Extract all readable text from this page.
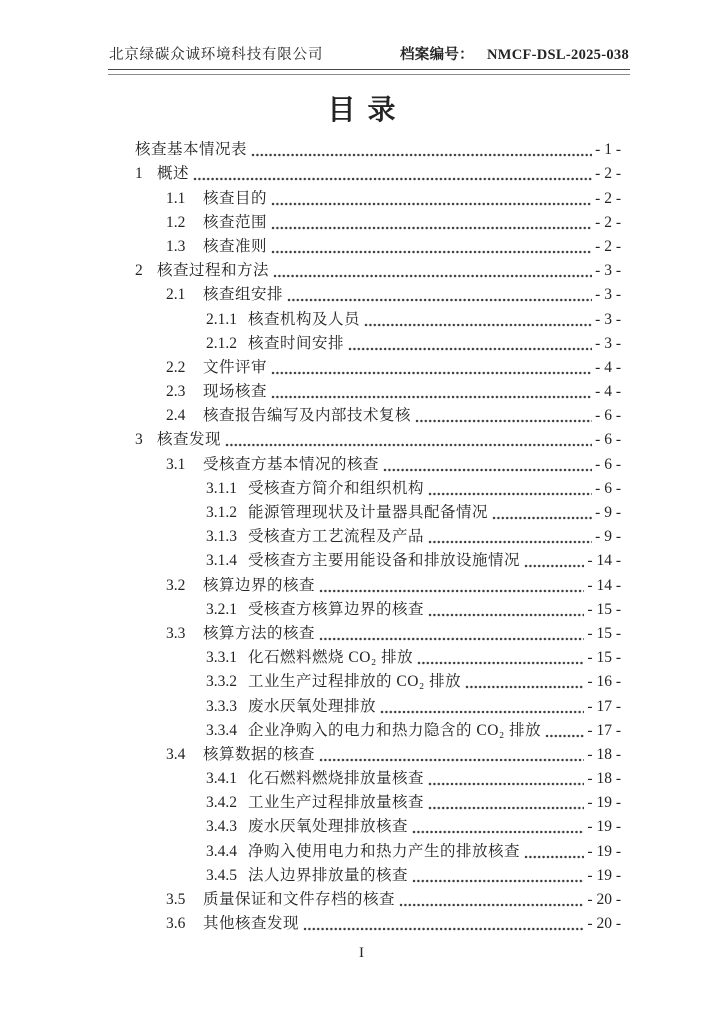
北京绿碳众诚环境科技有限公司	档案编号： NMCF-DSL-2025-038
目录
核查基本情况表	- 1 -
1 概述	- 2 -
1.1	核查目的	- 2 -
1.2	核查范围	- 2 -
1.3	核查准则	- 2 -
2 核查过程和方法	- 3 -
2.1	核查组安排	- 3 -
2.1.1 核查机构及人员	- 3 -
2.1.2 核查时间安排	- 3 -
2.2	文件评审	- 4 -
2.3	现场核查	- 4 -
2.4	核查报告编写及内部技术复核	- 6 -
3 核查发现	- 6 -
3.1	受核查方基本情况的核查	- 6 -
3.1.1 受核查方简介和组织机构	- 6 -
3.1.2 能源管理现状及计量器具配备情况	- 9 -
3.1.3 受核查方工艺流程及产品	- 9 -
3.1.4 受核查方主要用能设备和排放设施情况	- 14 -
3.2	核算边界的核查	- 14 -
3.2.1 受核查方核算边界的核查	- 15 -
3.3	核算方法的核查	- 15 -
3.3.1 化石燃料燃烧 CO₂ 排放	- 15 -
3.3.2 工业生产过程排放的 CO₂ 排放	- 16 -
3.3.3 废水厌氧处理排放	- 17 -
3.3.4 企业净购入的电力和热力隐含的 CO₂ 排放	- 17 -
3.4	核算数据的核查	- 18 -
3.4.1 化石燃料燃烧排放量核查	- 18 -
3.4.2 工业生产过程排放量核查	- 19 -
3.4.3 废水厌氧处理排放核查	- 19 -
3.4.4 净购入使用电力和热力产生的排放核查	- 19 -
3.4.5 法人边界排放量的核查	- 19 -
3.5	质量保证和文件存档的核查	- 20 -
3.6	其他核查发现	- 20 -
I
